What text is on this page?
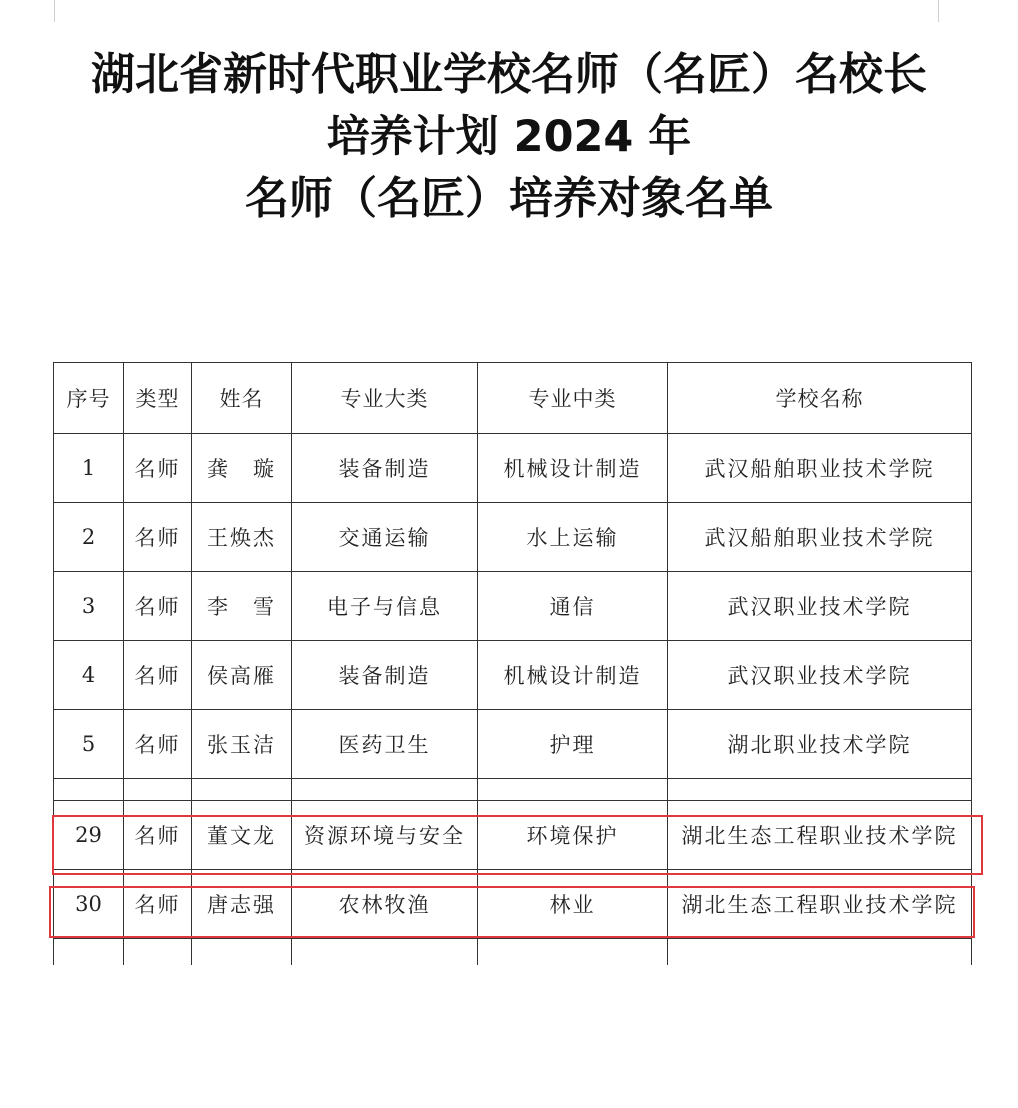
湖北省新时代职业学校名师（名匠）名校长
培养计划 2024 年
名师（名匠）培养对象名单
序号	类型	姓名	专业大类	专业中类	学校名称
1	名师	龚　璇	装备制造	机械设计制造	武汉船舶职业技术学院
2	名师	王焕杰	交通运输	水上运输	武汉船舶职业技术学院
3	名师	李　雪	电子与信息	通信	武汉职业技术学院
4	名师	侯高雁	装备制造	机械设计制造	武汉职业技术学院
5	名师	张玉洁	医药卫生	护理	湖北职业技术学院

29	名师	董文龙	资源环境与安全	环境保护	湖北生态工程职业技术学院
30	名师	唐志强	农林牧渔	林业	湖北生态工程职业技术学院
